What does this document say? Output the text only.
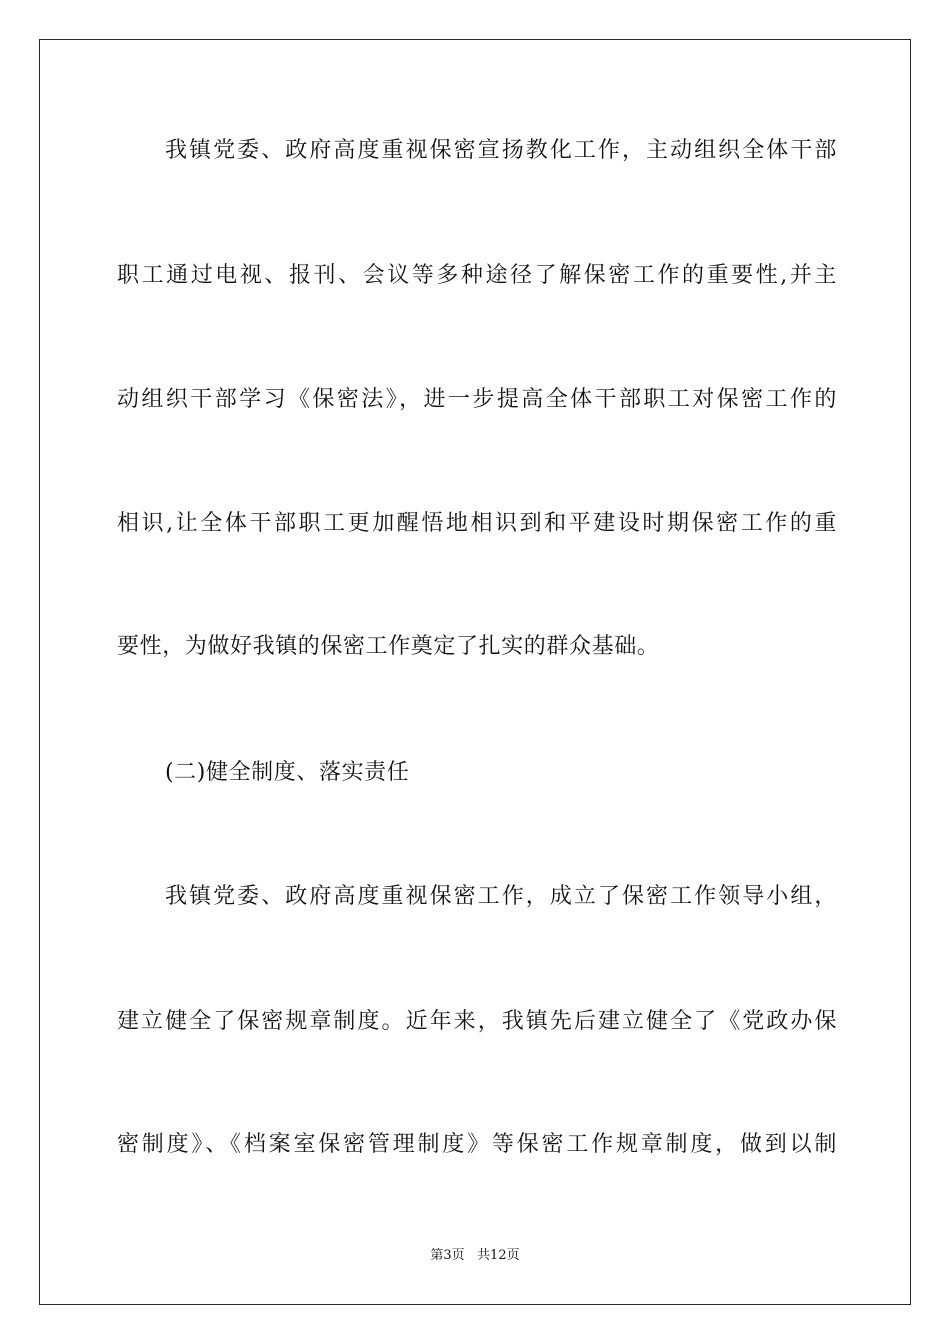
我镇党委、政府高度重视保密宣扬教化工作，主动组织全体干部
职工通过电视、报刊、会议等多种途径了解保密工作的重要性,并主
动组织干部学习《保密法》，进一步提高全体干部职工对保密工作的
相识,让全体干部职工更加醒悟地相识到和平建设时期保密工作的重
要性，为做好我镇的保密工作奠定了扎实的群众基础。
(二)健全制度、落实责任
我镇党委、政府高度重视保密工作，成立了保密工作领导小组，
建立健全了保密规章制度。近年来，我镇先后建立健全了《党政办保
密制度》、《档案室保密管理制度》等保密工作规章制度，做到以制
第3页   共12页
